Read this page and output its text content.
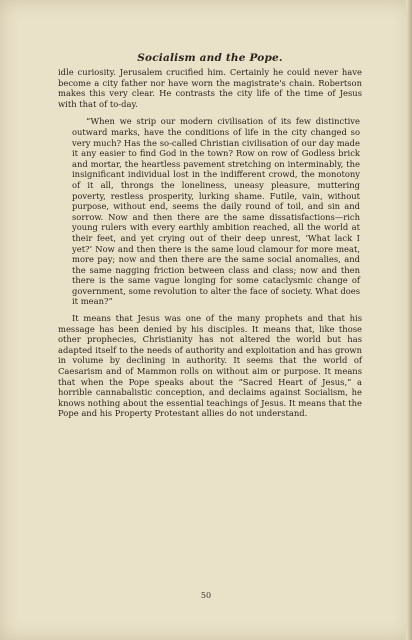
Socialism and the Pope.

idle curiosity. Jerusalem crucified him. Certainly he could never have become a city father nor have worn the magistrate's chain. Robertson makes this very clear. He contrasts the city life of the time of Jesus with that of to-day.

“When we strip our modern civilisation of its few distinctive outward marks, have the conditions of life in the city changed so very much? Has the so-called Christian civilisation of our day made it any easier to find God in the town? Row on row of Godless brick and mortar, the heartless pavement stretching on interminably, the insignificant individual lost in the indifferent crowd, the monotony of it all, throngs the loneliness, uneasy pleasure, muttering poverty, restless prosperity, lurking shame. Futile, vain, without purpose, without end, seems the daily round of toil, and sin and sorrow. Now and then there are the same dissatisfactions—rich young rulers with every earthly ambition reached, all the world at their feet, and yet crying out of their deep unrest, ‘What lack I yet?’ Now and then there is the same loud clamour for more meat, more pay; now and then there are the same social anomalies, and the same nagging friction between class and class; now and then there is the same vague longing for some cataclysmic change of government, some revolution to alter the face of society. What does it mean?”

It means that Jesus was one of the many prophets and that his message has been denied by his disciples. It means that, like those other prophecies, Christianity has not altered the world but has adapted itself to the needs of authority and exploitation and has grown in volume by declining in authority. It seems that the world of Caesarism and of Mammon rolls on without aim or purpose. It means that when the Pope speaks about the “Sacred Heart of Jesus,” a horrible cannabalistic conception, and declaims against Socialism, he knows nothing about the essential teachings of Jesus. It means that the Pope and his Property Protestant allies do not understand.

50
